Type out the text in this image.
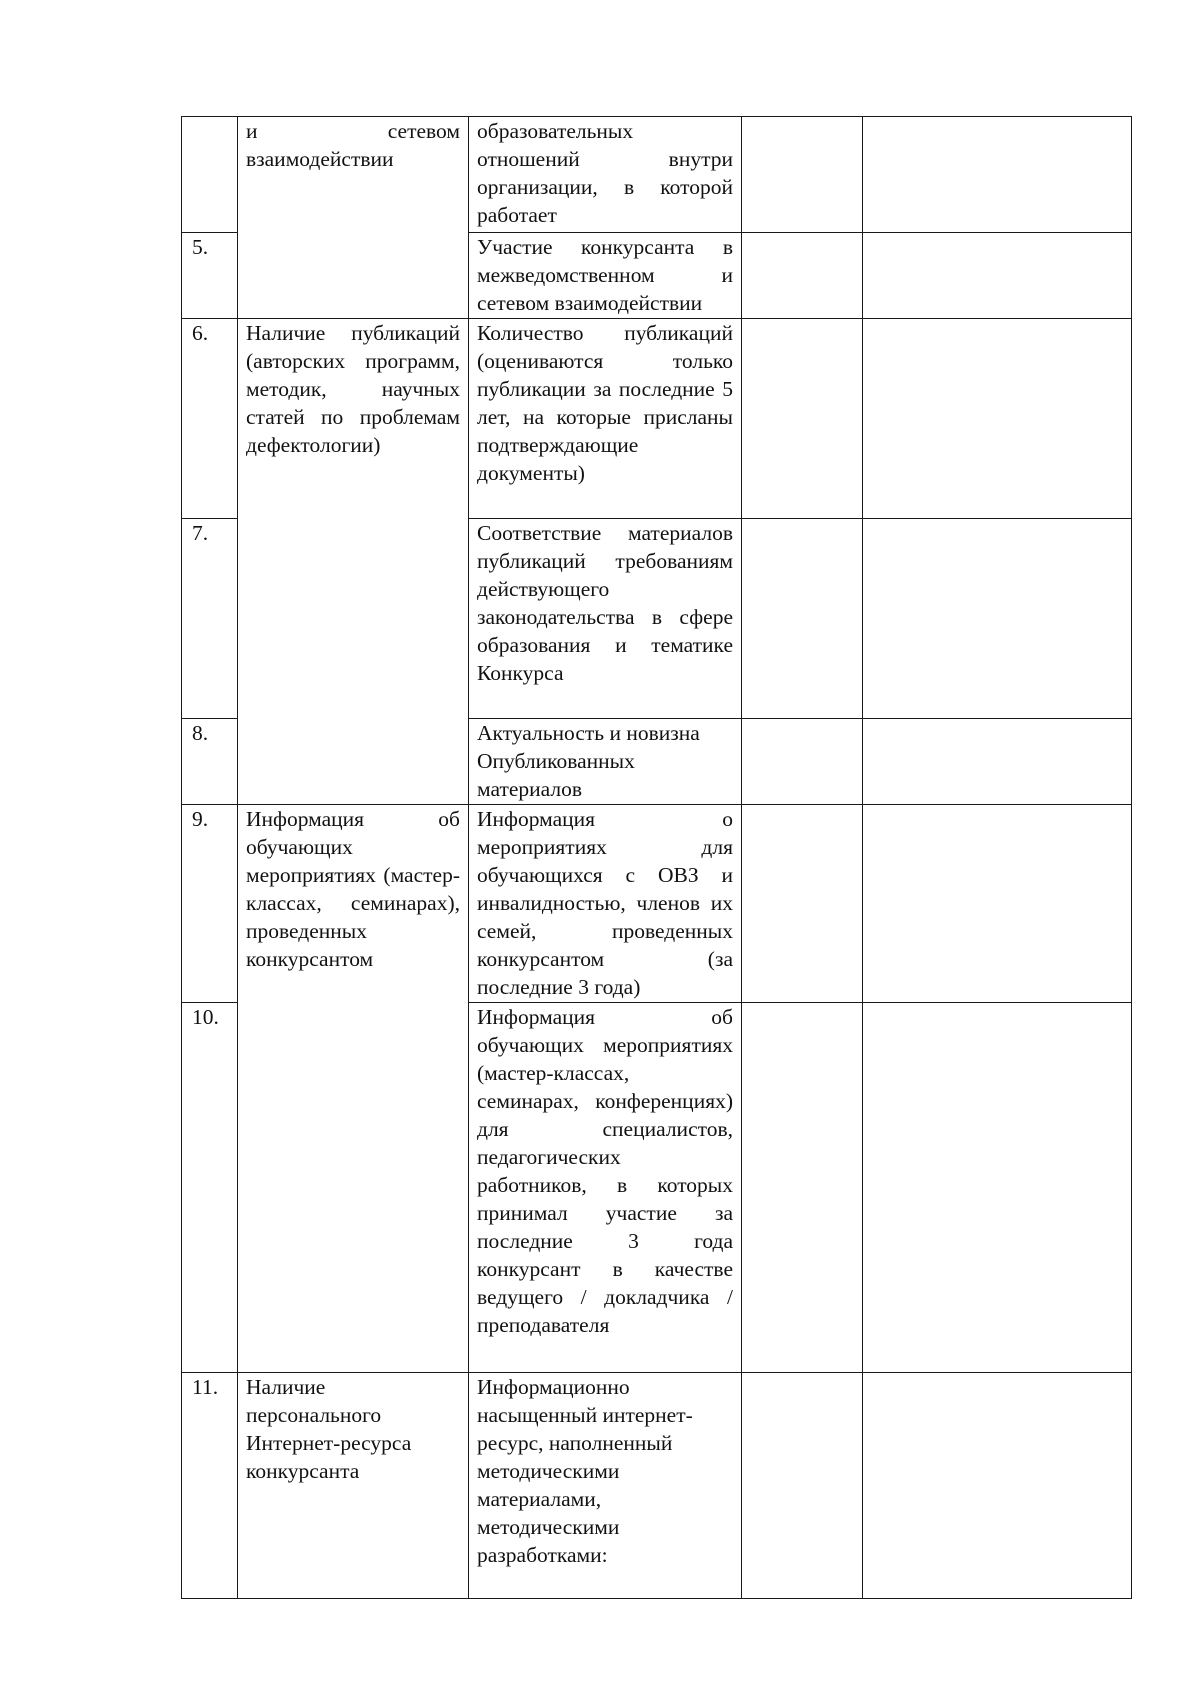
	и сетевом взаимодействии	образовательных отношений внутри организации, в которой работает		
5.		Участие конкурсанта в межведомственном и сетевом взаимодействии		
6.	Наличие публикаций (авторских программ, методик, научных статей по проблемам дефектологии)	Количество публикаций (оцениваются только публикации за последние 5 лет, на которые присланы подтверждающие документы)		
7.		Соответствие материалов публикаций требованиям действующего законодательства в сфере образования и тематике Конкурса		
8.		Актуальность и новизна Опубликованных материалов		
9.	Информация об обучающих мероприятиях (мастер-классах, семинарах), проведенных конкурсантом	Информация о мероприятиях для обучающихся с ОВЗ и инвалидностью, членов их семей, проведенных конкурсантом (за последние 3 года)		
10.		Информация об обучающих мероприятиях (мастер-классах, семинарах, конференциях) для специалистов, педагогических работников, в которых принимал участие за последние 3 года конкурсант в качестве ведущего / докладчика / преподавателя		
11.	Наличие персонального Интернет-ресурса конкурсанта	Информационно насыщенный интернет-ресурс, наполненный методическими материалами, методическими разработками:		
